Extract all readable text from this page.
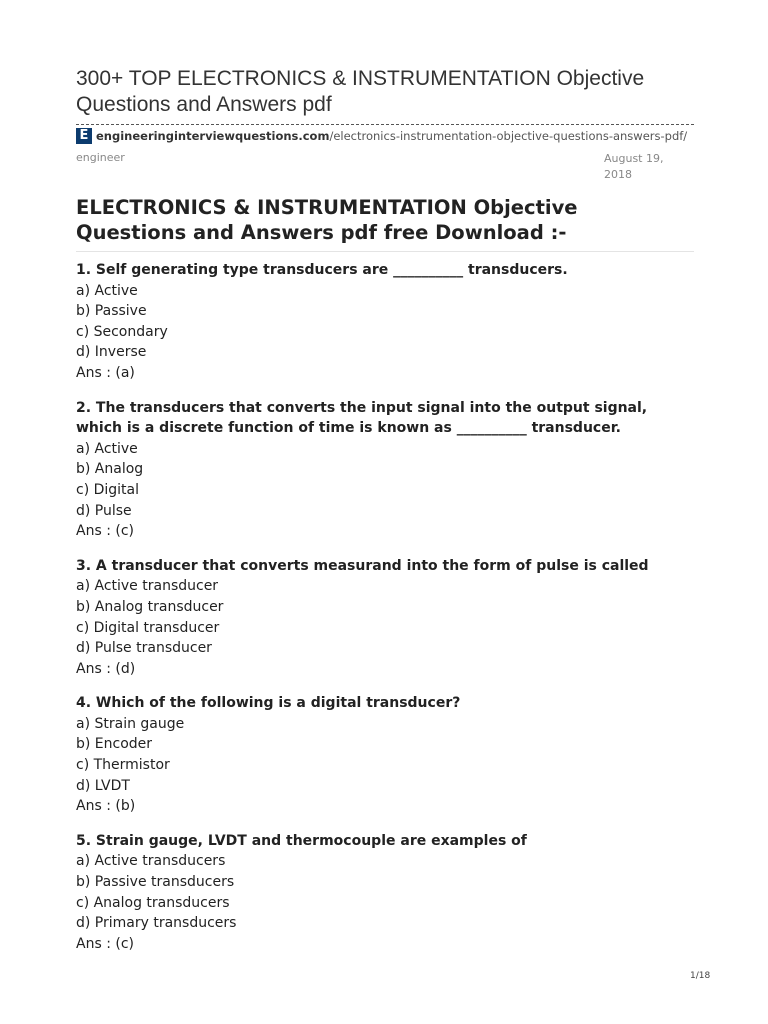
300+ TOP ELECTRONICS & INSTRUMENTATION Objective Questions and Answers pdf
E engineeringinterviewquestions.com /electronics-instrumentation-objective-questions-answers-pdf/
engineer	August 19,
2018
ELECTRONICS & INSTRUMENTATION Objective Questions and Answers pdf free Download :-
1. Self generating type transducers are __________ transducers.
a) Active
b) Passive
c) Secondary
d) Inverse
Ans : (a)
2. The transducers that converts the input signal into the output signal, which is a discrete function of time is known as __________ transducer.
a) Active
b) Analog
c) Digital
d) Pulse
Ans : (c)
3. A transducer that converts measurand into the form of pulse is called
a) Active transducer
b) Analog transducer
c) Digital transducer
d) Pulse transducer
Ans : (d)
4. Which of the following is a digital transducer?
a) Strain gauge
b) Encoder
c) Thermistor
d) LVDT
Ans : (b)
5. Strain gauge, LVDT and thermocouple are examples of
a) Active transducers
b) Passive transducers
c) Analog transducers
d) Primary transducers
Ans : (c)
1/18
